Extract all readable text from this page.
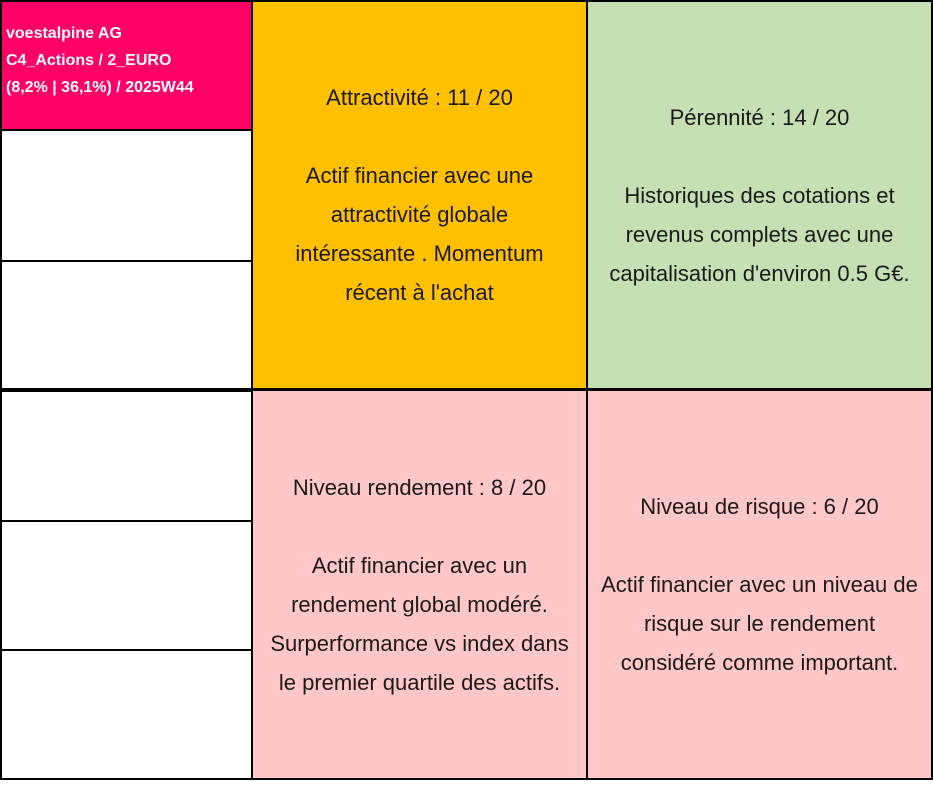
voestalpine AG
C4_Actions / 2_EURO
(8,2% | 36,1%) / 2025W44	Attractivité : 11 / 20
Actif financier avec une attractivité globale intéressante . Momentum récent à l'achat
Pérennité : 14 / 20
Historiques des cotations et revenus complets avec une capitalisation d'environ 0.5 G€.
Niveau rendement : 8 / 20
Actif financier avec un rendement global modéré. Surperformance vs index dans le premier quartile des actifs.
Niveau de risque : 6 / 20
Actif financier avec un niveau de risque sur le rendement considéré comme important.
